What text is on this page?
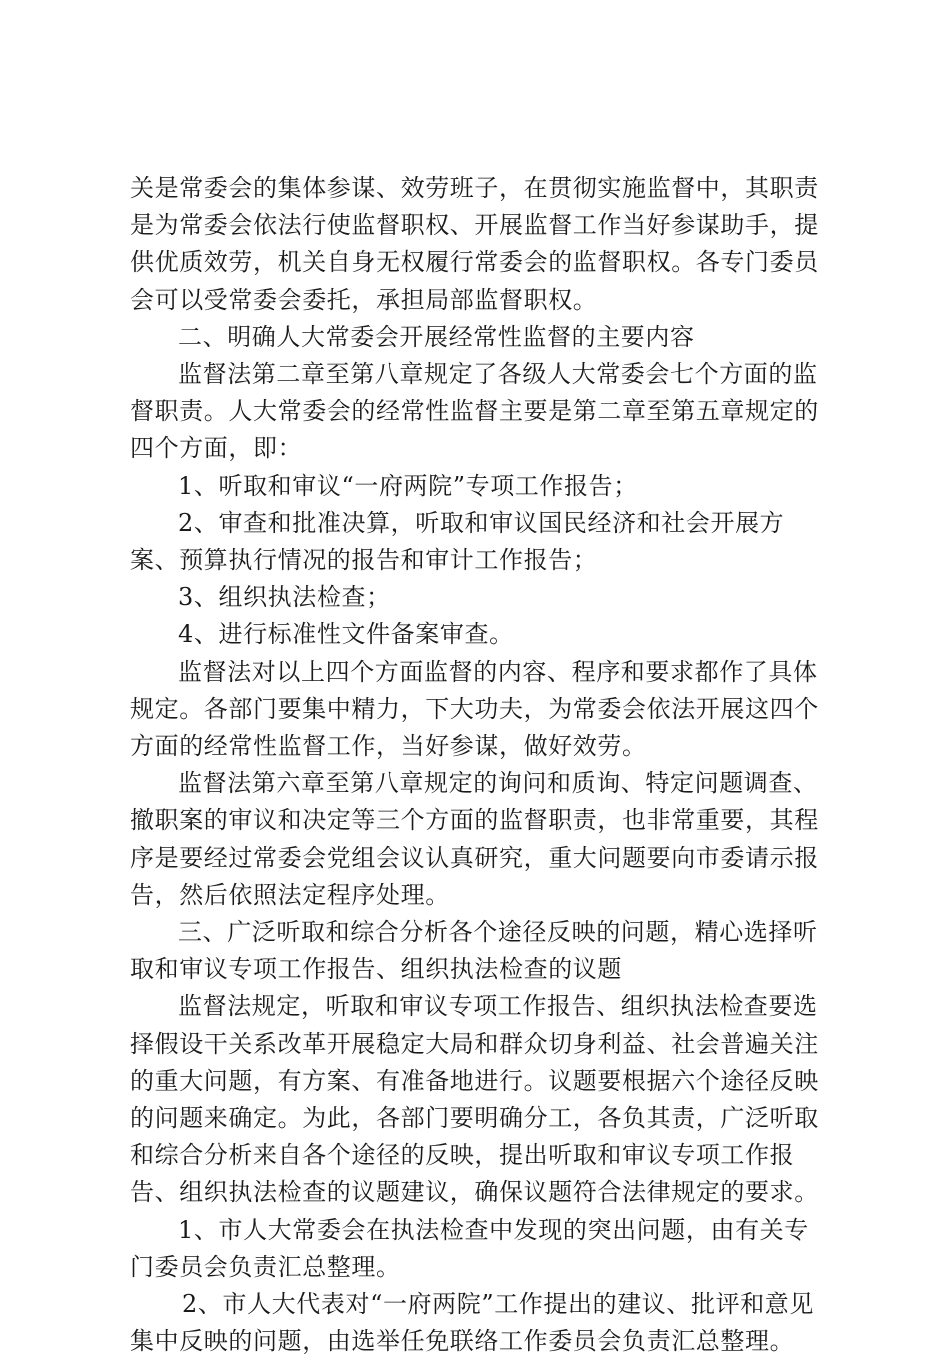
关是常委会的集体参谋、效劳班子，在贯彻实施监督中，其职责是为常委会依法行使监督职权、开展监督工作当好参谋助手，提供优质效劳，机关自身无权履行常委会的监督职权。各专门委员会可以受常委会委托，承担局部监督职权。

二、明确人大常委会开展经常性监督的主要内容

监督法第二章至第八章规定了各级人大常委会七个方面的监督职责。人大常委会的经常性监督主要是第二章至第五章规定的四个方面，即：

1、听取和审议“一府两院”专项工作报告；

2、审查和批准决算，听取和审议国民经济和社会开展方案、预算执行情况的报告和审计工作报告；

3、组织执法检查；

4、进行标准性文件备案审查。

监督法对以上四个方面监督的内容、程序和要求都作了具体规定。各部门要集中精力，下大功夫，为常委会依法开展这四个方面的经常性监督工作，当好参谋，做好效劳。

监督法第六章至第八章规定的询问和质询、特定问题调查、撤职案的审议和决定等三个方面的监督职责，也非常重要，其程序是要经过常委会党组会议认真研究，重大问题要向市委请示报告，然后依照法定程序处理。

三、广泛听取和综合分析各个途径反映的问题，精心选择听取和审议专项工作报告、组织执法检查的议题

监督法规定，听取和审议专项工作报告、组织执法检查要选择假设干关系改革开展稳定大局和群众切身利益、社会普遍关注的重大问题，有方案、有准备地进行。议题要根据六个途径反映的问题来确定。为此，各部门要明确分工，各负其责，广泛听取和综合分析来自各个途径的反映，提出听取和审议专项工作报告、组织执法检查的议题建议，确保议题符合法律规定的要求。

1、市人大常委会在执法检查中发现的突出问题，由有关专门委员会负责汇总整理。

2、市人大代表对“一府两院”工作提出的建议、批评和意见集中反映的问题，由选举任免联络工作委员会负责汇总整理。
